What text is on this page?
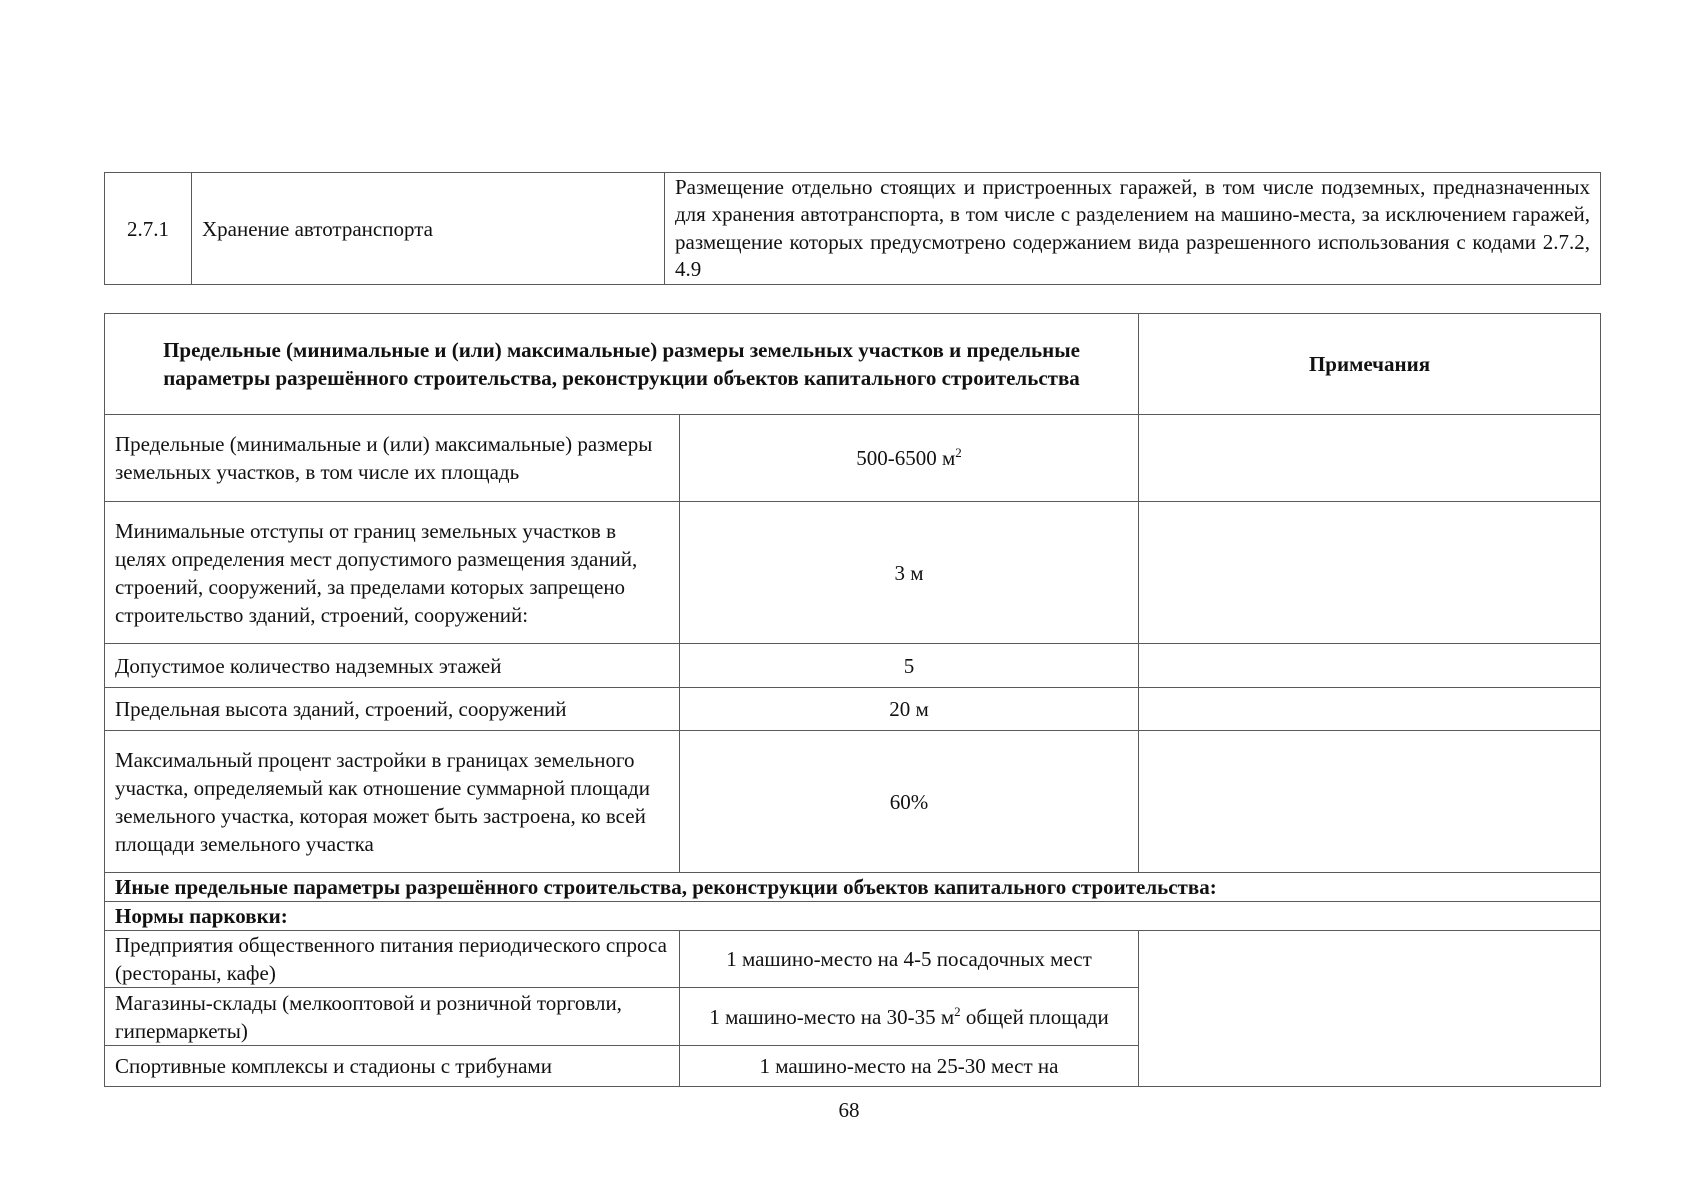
2.7.1	Хранение автотранспорта	Размещение отдельно стоящих и пристроенных гаражей, в том числе подземных, предназначенных для хранения автотранспорта, в том числе с разделением на машино-места, за исключением гаражей, размещение которых предусмотрено содержанием вида разрешенного использования с кодами 2.7.2, 4.9
Предельные (минимальные и (или) максимальные) размеры земельных участков и предельные параметры разрешённого строительства, реконструкции объектов капитального строительства		Примечания
Предельные (минимальные и (или) максимальные) размеры земельных участков, в том числе их площадь	500-6500 $м^2$	
Минимальные отступы от границ земельных участков в целях определения мест допустимого размещения зданий, строений, сооружений, за пределами которых запрещено строительство зданий, строений, сооружений:	3 м	
Допустимое количество надземных этажей	5	
Предельная высота зданий, строений, сооружений	20 м	
Максимальный процент застройки в границах земельного участка, определяемый как отношение суммарной площади земельного участка, которая может быть застроена, ко всей площади земельного участка	60%	
Иные предельные параметры разрешённого строительства, реконструкции объектов капитального строительства:		
Нормы парковки:		
Предприятия общественного питания периодического спроса (рестораны, кафе)	1 машино-место на 4-5 посадочных мест	
Магазины-склады (мелкооптовой и розничной торговли, гипермаркеты)	1 машино-место на 30-35 $м^2$ общей площади	
Спортивные комплексы и стадионы с трибунами	1 машино-место на 25-30 мест на	
68
